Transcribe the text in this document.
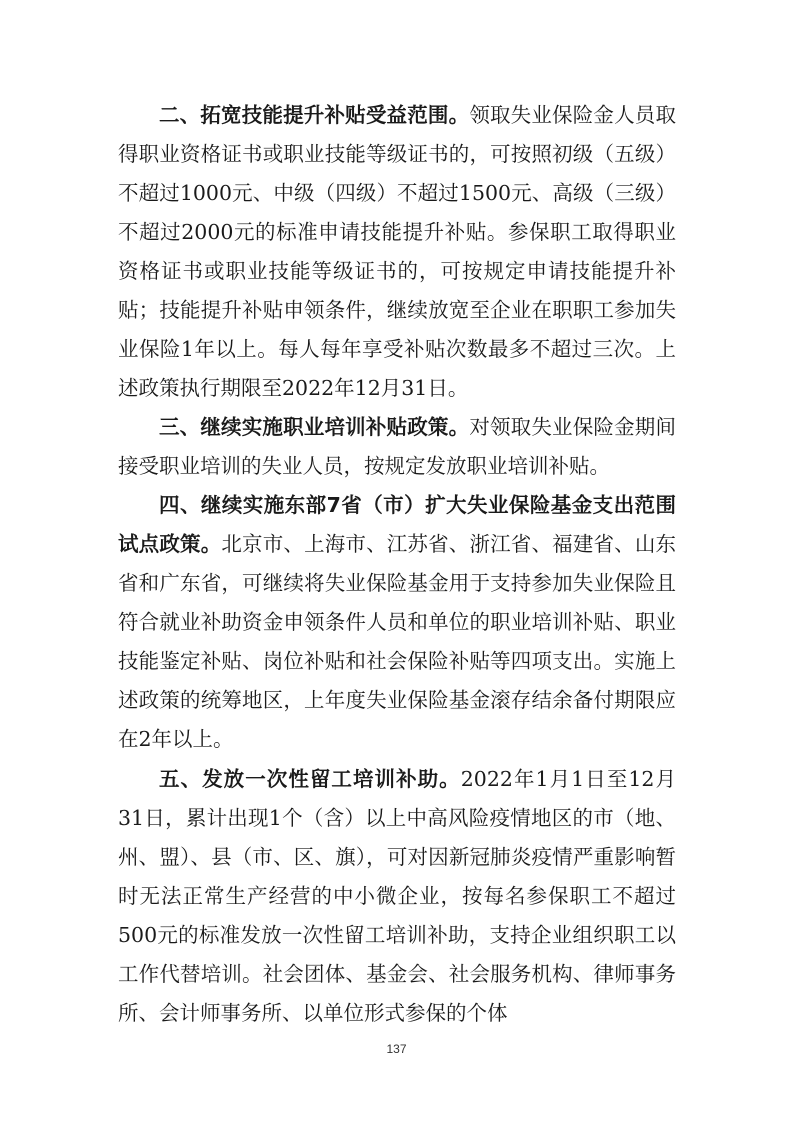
二、拓宽技能提升补贴受益范围。领取失业保险金人员取得职业资格证书或职业技能等级证书的，可按照初级（五级）不超过1000元、中级（四级）不超过1500元、高级（三级）不超过2000元的标准申请技能提升补贴。参保职工取得职业资格证书或职业技能等级证书的，可按规定申请技能提升补贴；技能提升补贴申领条件，继续放宽至企业在职职工参加失业保险1年以上。每人每年享受补贴次数最多不超过三次。上述政策执行期限至2022年12月31日。

三、继续实施职业培训补贴政策。对领取失业保险金期间接受职业培训的失业人员，按规定发放职业培训补贴。

四、继续实施东部7省（市）扩大失业保险基金支出范围试点政策。北京市、上海市、江苏省、浙江省、福建省、山东省和广东省，可继续将失业保险基金用于支持参加失业保险且符合就业补助资金申领条件人员和单位的职业培训补贴、职业技能鉴定补贴、岗位补贴和社会保险补贴等四项支出。实施上述政策的统筹地区，上年度失业保险基金滚存结余备付期限应在2年以上。

五、发放一次性留工培训补助。2022年1月1日至12月31日，累计出现1个（含）以上中高风险疫情地区的市（地、州、盟）、县（市、区、旗），可对因新冠肺炎疫情严重影响暂时无法正常生产经营的中小微企业，按每名参保职工不超过500元的标准发放一次性留工培训补助，支持企业组织职工以工作代替培训。社会团体、基金会、社会服务机构、律师事务所、会计师事务所、以单位形式参保的个体

137
